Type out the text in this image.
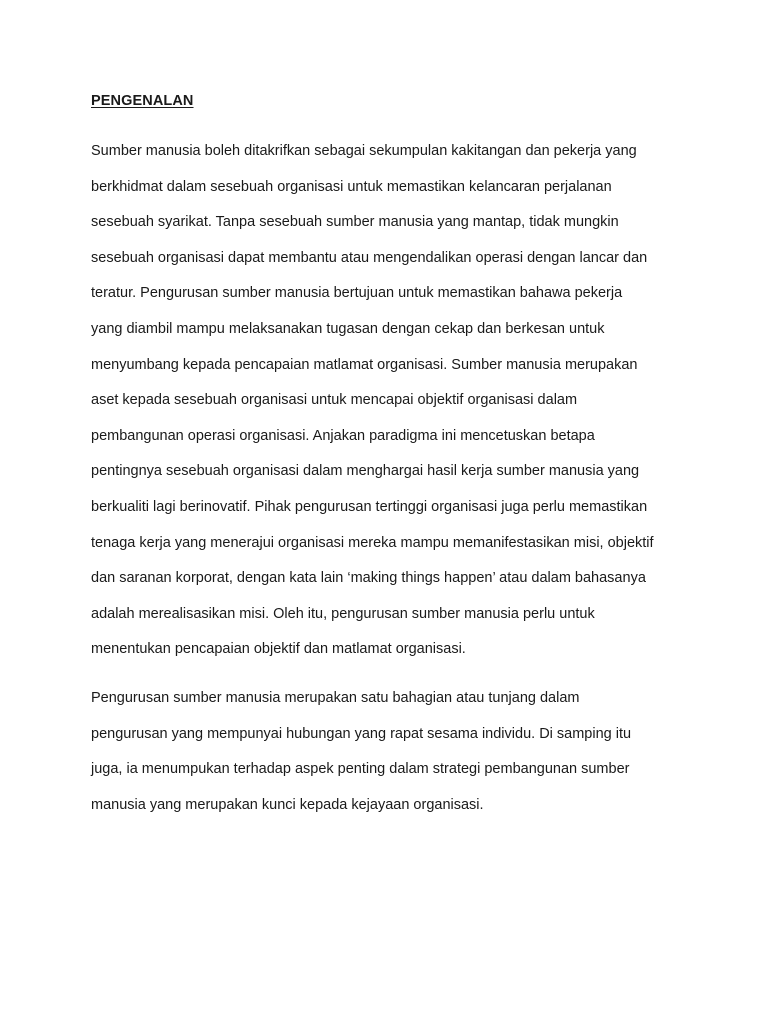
PENGENALAN
Sumber manusia boleh ditakrifkan sebagai sekumpulan kakitangan dan pekerja yang
berkhidmat dalam sesebuah organisasi untuk memastikan kelancaran perjalanan
sesebuah syarikat. Tanpa sesebuah sumber manusia yang mantap, tidak mungkin
sesebuah organisasi dapat membantu atau mengendalikan operasi dengan lancar dan
teratur. Pengurusan sumber manusia bertujuan untuk memastikan bahawa pekerja
yang diambil mampu melaksanakan tugasan dengan cekap dan berkesan untuk
menyumbang kepada pencapaian matlamat organisasi. Sumber manusia merupakan
aset kepada sesebuah organisasi untuk mencapai objektif organisasi dalam
pembangunan operasi organisasi. Anjakan paradigma ini mencetuskan betapa
pentingnya sesebuah organisasi dalam menghargai hasil kerja sumber manusia yang
berkualiti lagi berinovatif. Pihak pengurusan tertinggi organisasi juga perlu memastikan
tenaga kerja yang menerajui organisasi mereka mampu memanifestasikan misi, objektif
dan saranan korporat, dengan kata lain ‘making things happen’ atau dalam bahasanya
adalah merealisasikan misi. Oleh itu, pengurusan sumber manusia perlu untuk
menentukan pencapaian objektif dan matlamat organisasi.
Pengurusan sumber manusia merupakan satu bahagian atau tunjang dalam
pengurusan yang mempunyai hubungan yang rapat sesama individu. Di samping itu
juga, ia menumpukan terhadap aspek penting dalam strategi pembangunan sumber
manusia yang merupakan kunci kepada kejayaan organisasi.
